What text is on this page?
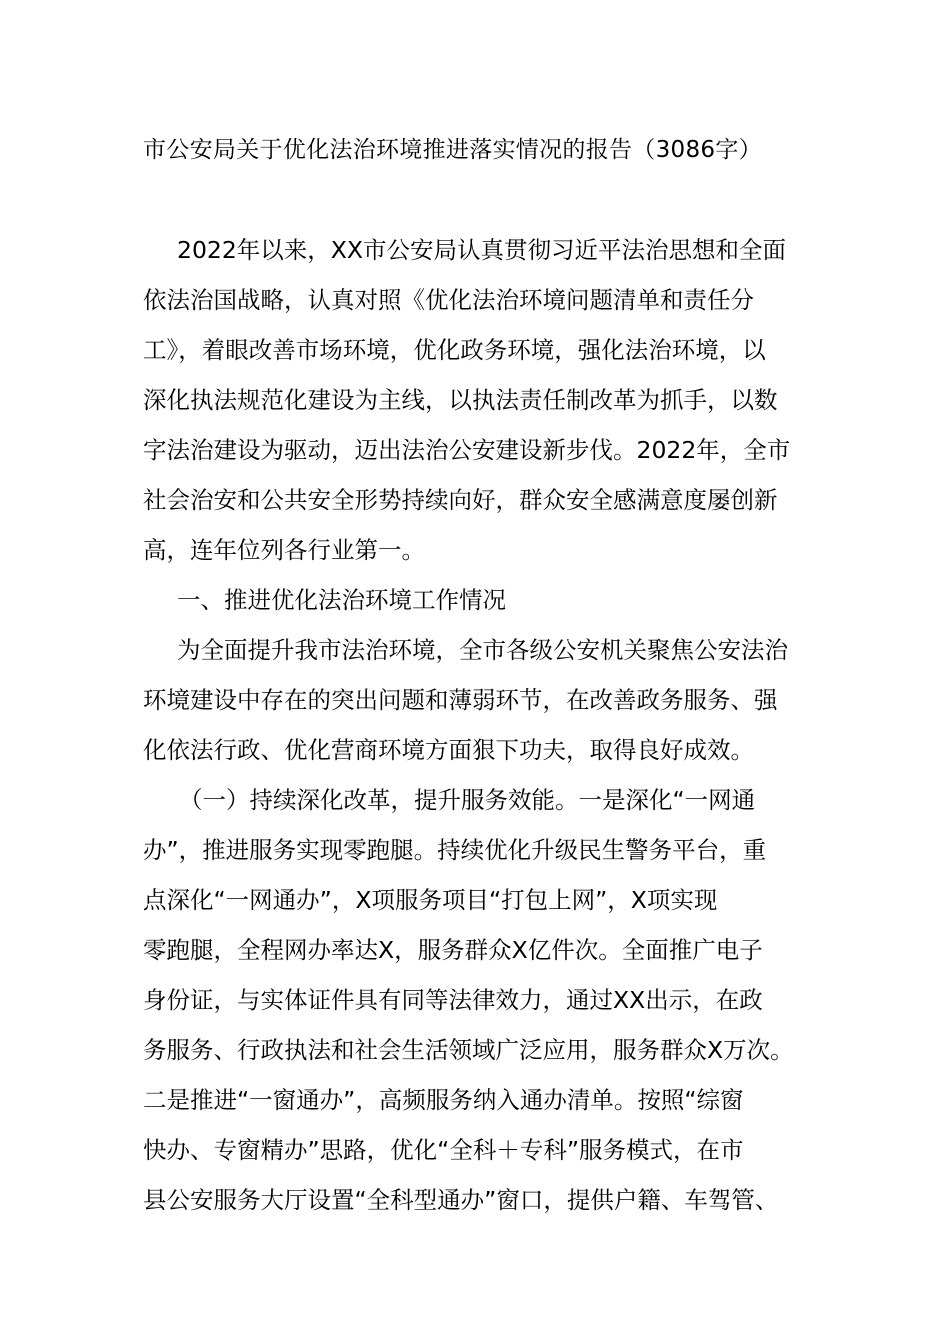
市公安局关于优化法治环境推进落实情况的报告（3086字）
2022年以来，XX市公安局认真贯彻习近平法治思想和全面
依法治国战略，认真对照《优化法治环境问题清单和责任分
工》，着眼改善市场环境，优化政务环境，强化法治环境，以
深化执法规范化建设为主线，以执法责任制改革为抓手，以数
字法治建设为驱动，迈出法治公安建设新步伐。2022年，全市
社会治安和公共安全形势持续向好，群众安全感满意度屡创新
高，连年位列各行业第一。
一、推进优化法治环境工作情况
为全面提升我市法治环境，全市各级公安机关聚焦公安法治
环境建设中存在的突出问题和薄弱环节，在改善政务服务、强
化依法行政、优化营商环境方面狠下功夫，取得良好成效。
（一）持续深化改革，提升服务效能。一是深化“一网通
办”，推进服务实现零跑腿。持续优化升级民生警务平台，重
点深化“一网通办”，X项服务项目“打包上网”，X项实现
零跑腿，全程网办率达X，服务群众X亿件次。全面推广电子
身份证，与实体证件具有同等法律效力，通过XX出示，在政
务服务、行政执法和社会生活领域广泛应用，服务群众X万次。
二是推进“一窗通办”，高频服务纳入通办清单。按照“综窗
快办、专窗精办”思路，优化“全科＋专科”服务模式，在市
县公安服务大厅设置“全科型通办”窗口，提供户籍、车驾管、
